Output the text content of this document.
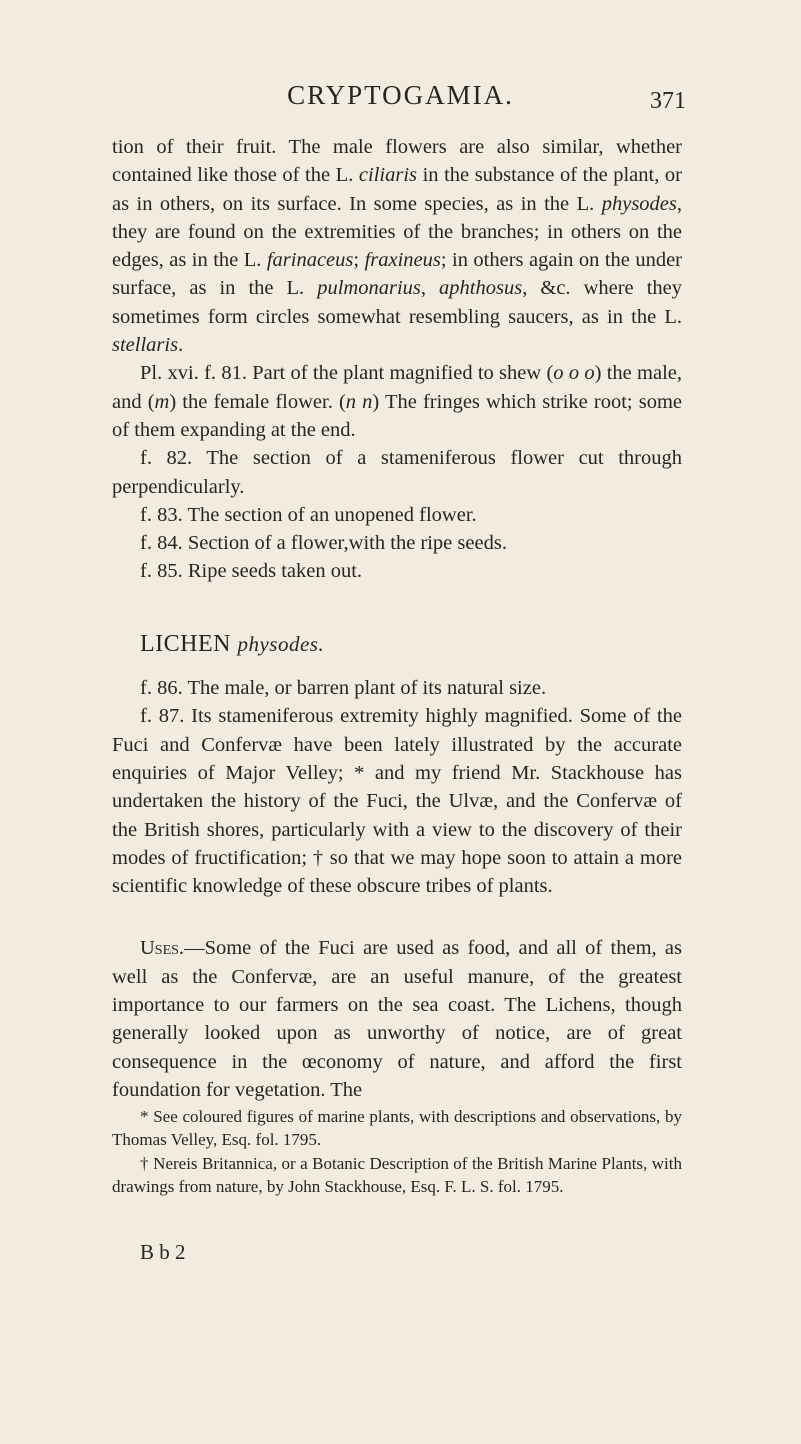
CRYPTOGAMIA.	371

tion of their fruit. The male flowers are also similar, whether contained like those of the L. ciliaris in the substance of the plant, or as in others, on its surface. In some species, as in the L. physodes, they are found on the extremities of the branches; in others on the edges, as in the L. farinaceus; fraxineus; in others again on the under surface, as in the L. pulmonarius, aphthosus, &c. where they sometimes form circles somewhat resembling saucers, as in the L. stellaris.

Pl. xvi. f. 81. Part of the plant magnified to shew (o o o) the male, and (m) the female flower. (n n) The fringes which strike root; some of them expanding at the end.

f. 82. The section of a stameniferous flower cut through perpendicularly.

f. 83. The section of an unopened flower.

f. 84. Section of a flower,with the ripe seeds.

f. 85. Ripe seeds taken out.

LICHEN physodes.

f. 86. The male, or barren plant of its natural size.

f. 87. Its stameniferous extremity highly magnified. Some of the Fuci and Confervæ have been lately illustrated by the accurate enquiries of Major Velley; * and my friend Mr. Stackhouse has undertaken the history of the Fuci, the Ulvæ, and the Confervæ of the British shores, particularly with a view to the discovery of their modes of fructification; † so that we may hope soon to attain a more scientific knowledge of these obscure tribes of plants.

Uses.—Some of the Fuci are used as food, and all of them, as well as the Confervæ, are an useful manure, of the greatest importance to our farmers on the sea coast. The Lichens, though generally looked upon as unworthy of notice, are of great consequence in the œconomy of nature, and afford the first foundation for vegetation. The

* See coloured figures of marine plants, with descriptions and observations, by Thomas Velley, Esq. fol. 1795.

† Nereis Britannica, or a Botanic Description of the British Marine Plants, with drawings from nature, by John Stackhouse, Esq. F. L. S. fol. 1795.

B b 2
